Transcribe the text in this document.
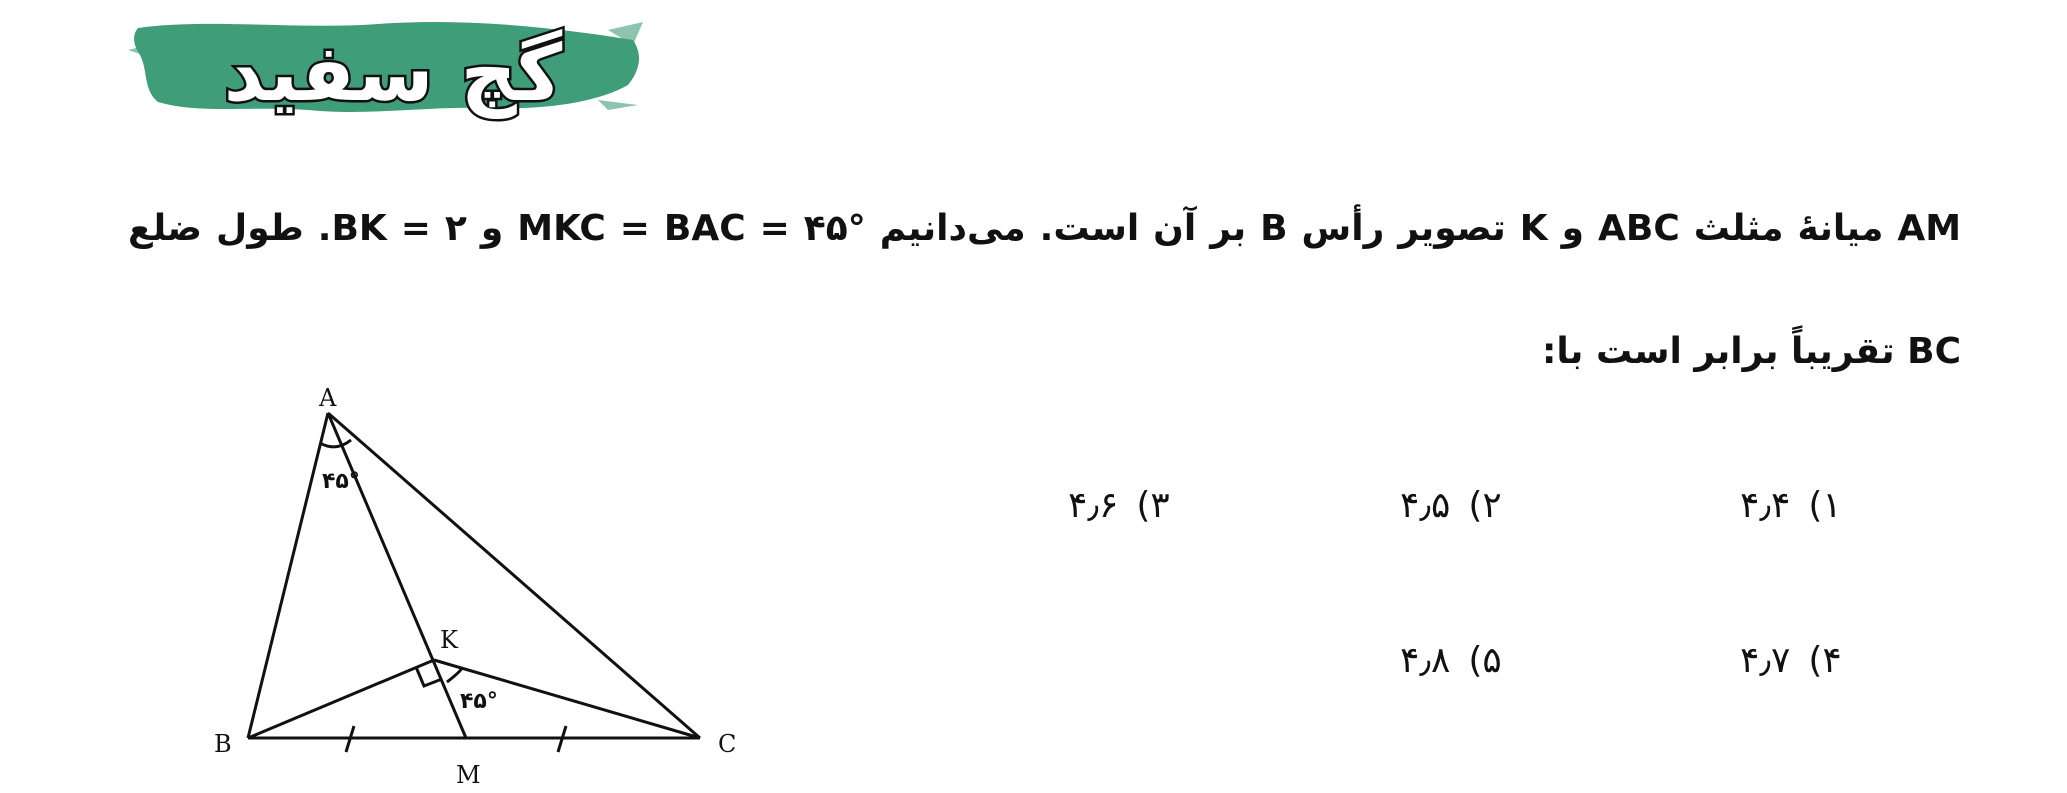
گچ سفید
AM میانهٔ مثلث ABC و K تصویر رأس B بر آن است. می‌دانیم MKC = BAC = ۴۵° و BK = ۲. طول ضلع
BC تقریباً برابر است با:
A
B	C
K
M
۴۵°
۴۵°
۱)۴٫۴
۲)۴٫۵
۳)۴٫۶
۴)۴٫۷
۵)۴٫۸
